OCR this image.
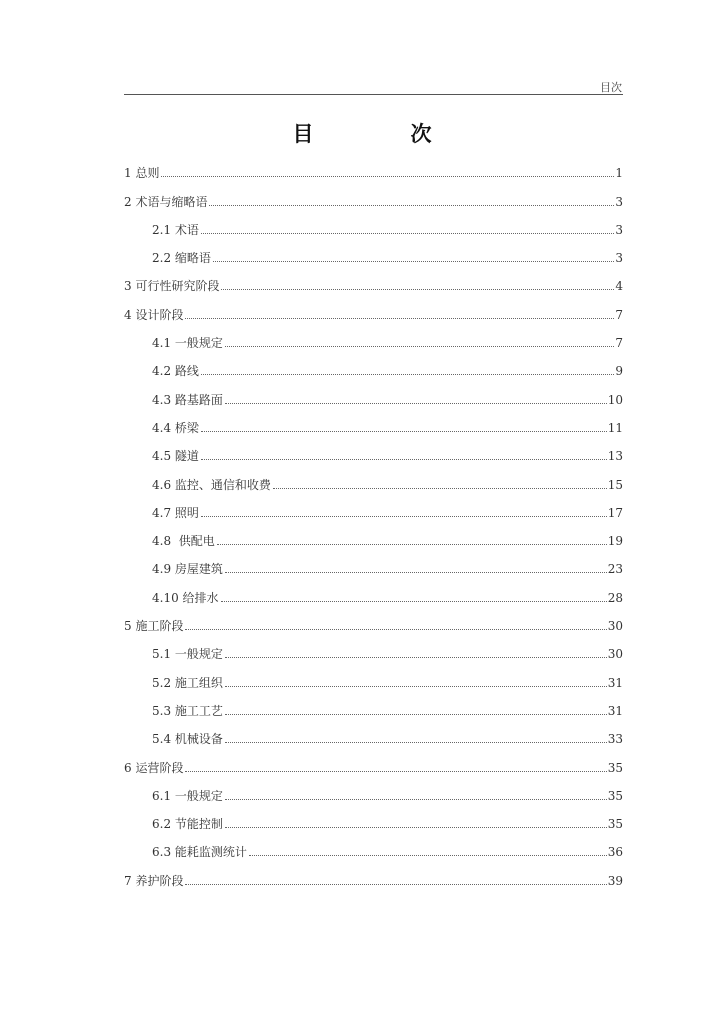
目次
目　次
1 总则	1
2 术语与缩略语	3
2.1 术语	3
2.2 缩略语	3
3 可行性研究阶段	4
4 设计阶段	7
4.1 一般规定	7
4.2 路线	9
4.3 路基路面	10
4.4 桥梁	11
4.5 隧道	13
4.6 监控、通信和收费	15
4.7 照明	17
4.8  供配电	19
4.9 房屋建筑	23
4.10 给排水	28
5 施工阶段	30
5.1 一般规定	30
5.2 施工组织	31
5.3 施工工艺	31
5.4 机械设备	33
6 运营阶段	35
6.1 一般规定	35
6.2 节能控制	35
6.3 能耗监测统计	36
7 养护阶段	39
